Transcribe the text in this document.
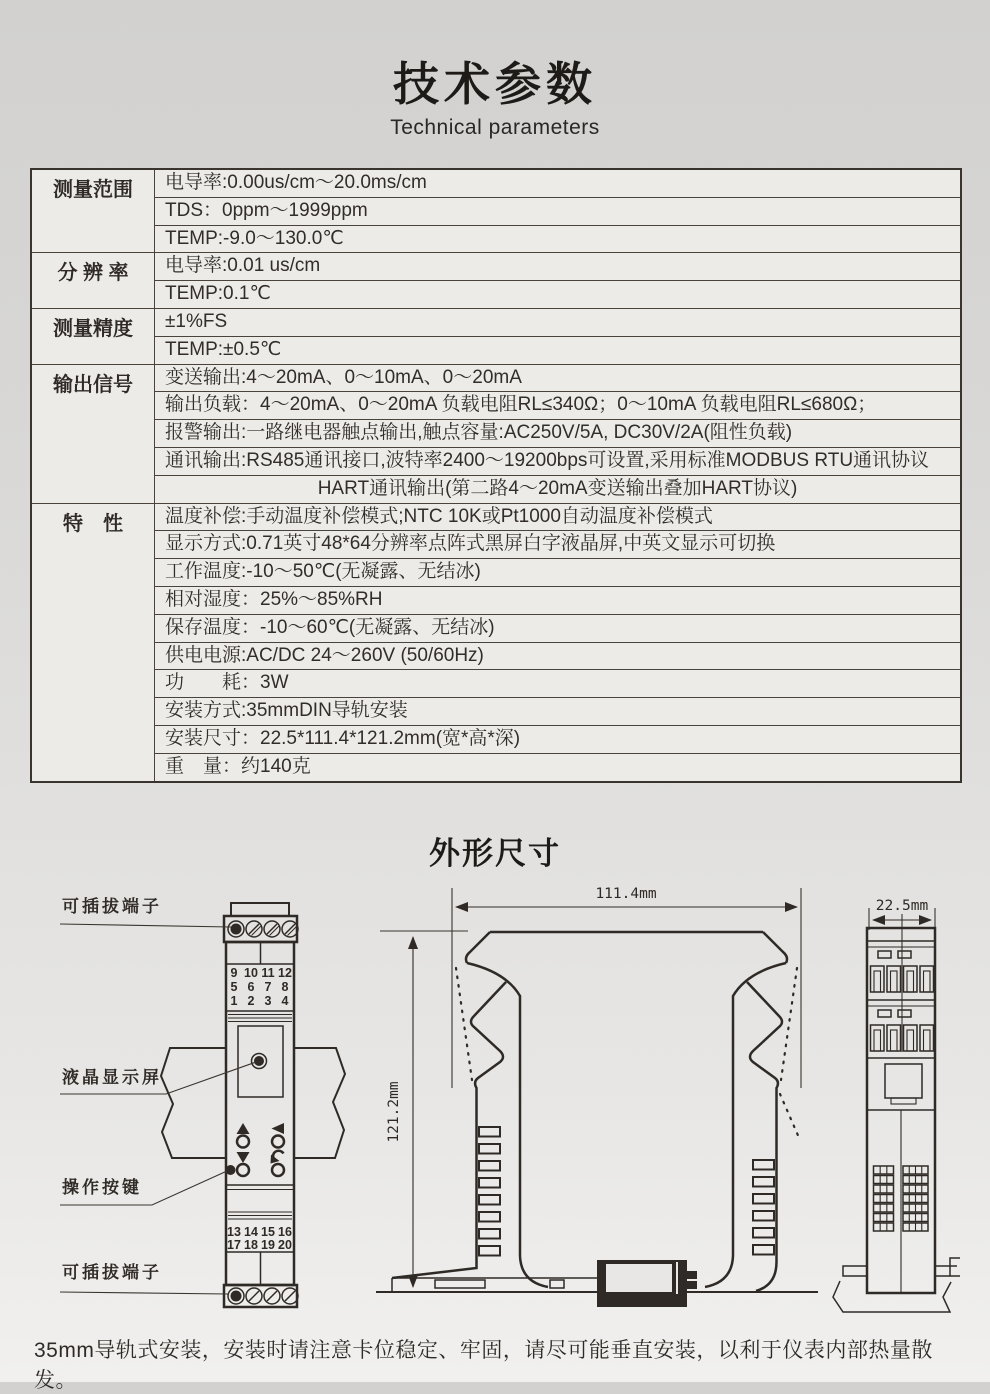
技术参数
Technical parameters
测量范围	电导率:0.00us/cm～20.0ms/cm
	TDS：0ppm～1999ppm
	TEMP:-9.0～130.0℃
分 辨 率	电导率:0.01 us/cm
	TEMP:0.1℃
测量精度	±1%FS
	TEMP:±0.5℃
输出信号	变送输出:4～20mA、0～10mA、0～20mA
	输出负载：4～20mA、0～20mA 负载电阻RL≤340Ω；0～10mA 负载电阻RL≤680Ω；
	报警输出:一路继电器触点输出,触点容量:AC250V/5A, DC30V/2A(阻性负载)
	通讯输出:RS485通讯接口,波特率2400～19200bps可设置,采用标准MODBUS RTU通讯协议
	HART通讯输出(第二路4～20mA变送输出叠加HART协议)
特　性	温度补偿:手动温度补偿模式;NTC 10K或Pt1000自动温度补偿模式
	显示方式:0.71英寸48*64分辨率点阵式黑屏白字液晶屏,中英文显示可切换
	工作温度:-10～50℃(无凝露、无结冰)
	相对湿度：25%～85%RH
	保存温度：-10～60℃(无凝露、无结冰)
	供电电源:AC/DC 24～260V (50/60Hz)
	功　　耗：3W
	安装方式:35mmDIN导轨安装
	安装尺寸：22.5*111.4*121.2mm(宽*高*深)
	重　量：约140克
外形尺寸
9 10 11 12
5 6 7 8
1 2 3 4
13 14 15 16
17 18 19 20
可插拔端子
液晶显示屏
操作按键
可插拔端子
111.4mm
121.2mm
22.5mm

35mm导轨式安装，安装时请注意卡位稳定、牢固，请尽可能垂直安装，以利于仪表内部热量散发。
